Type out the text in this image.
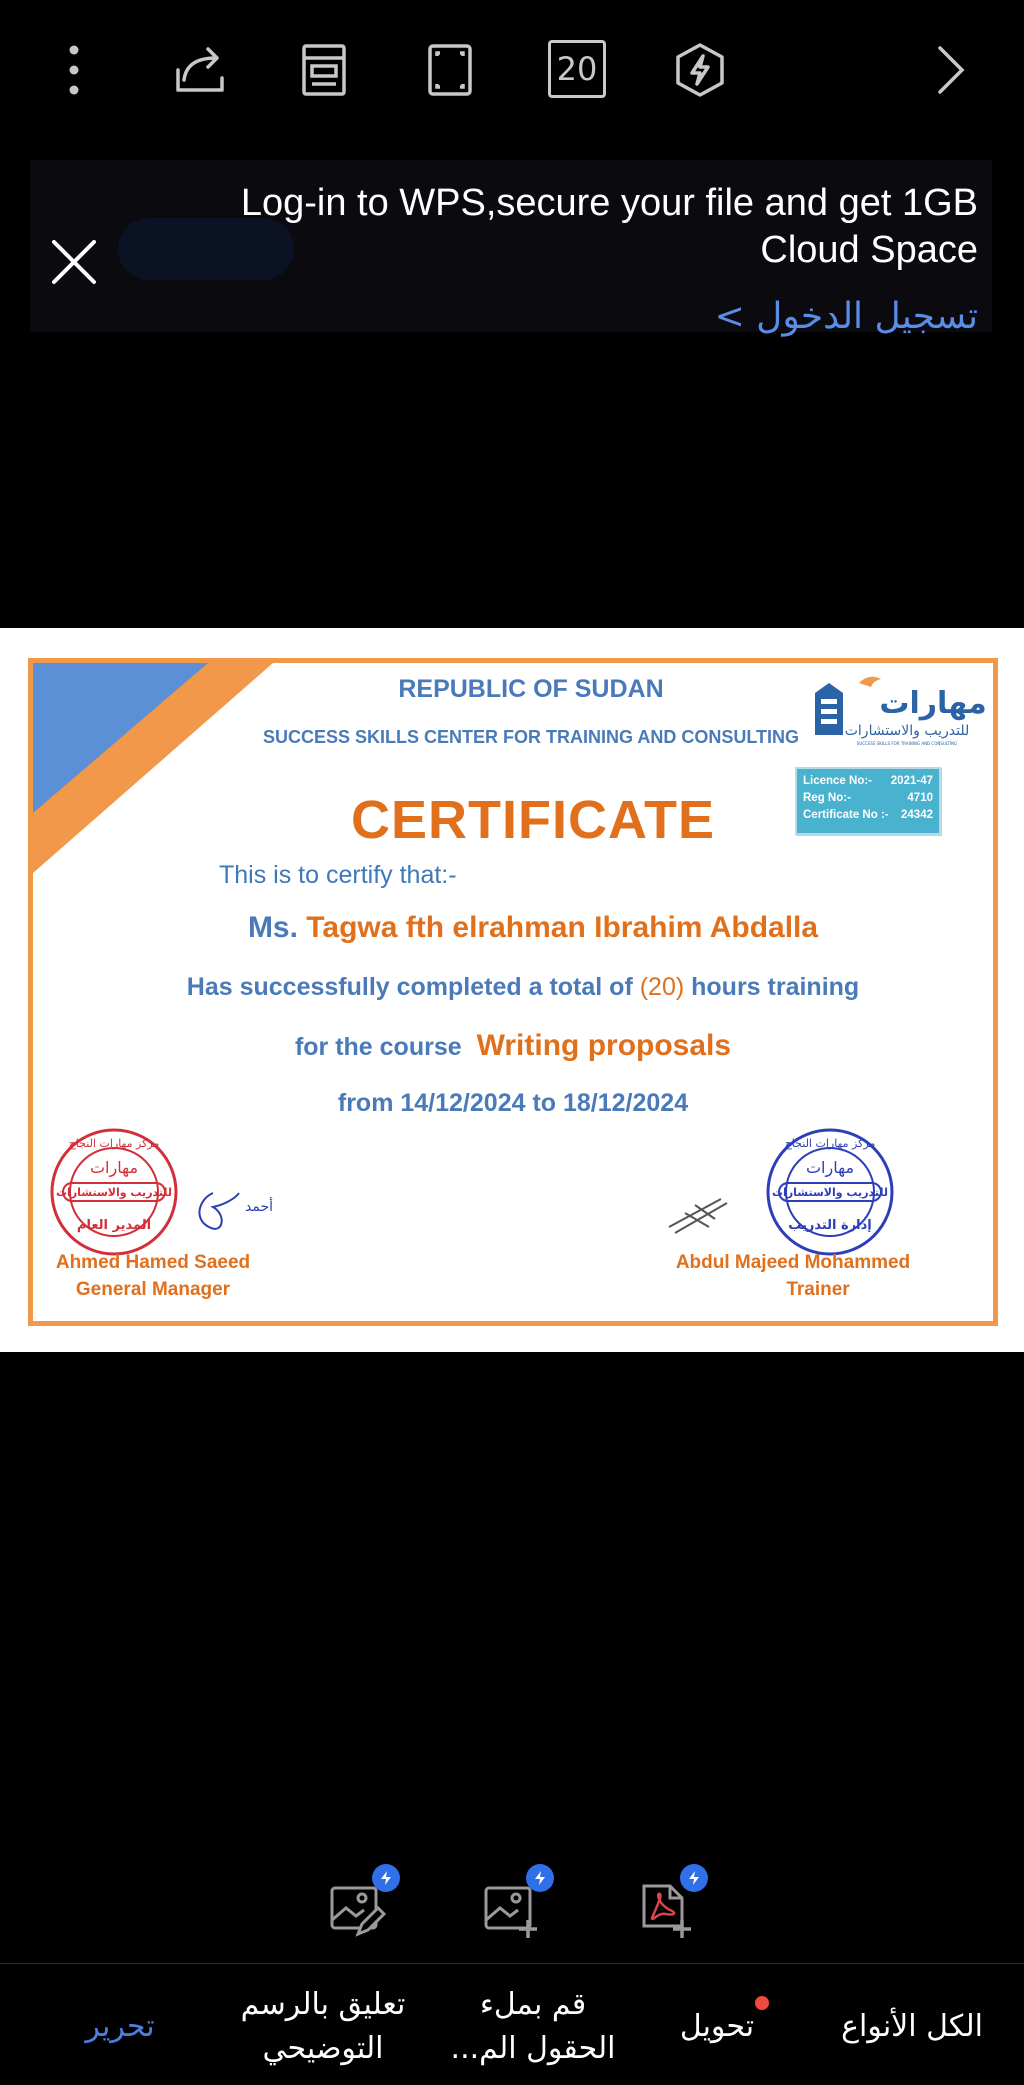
20
Log-in to WPS,secure your file and get 1GB Cloud Space
تسجيل الدخول >
REPUBLIC OF SUDAN
SUCCESS SKILLS CENTER FOR TRAINING AND CONSULTING
مهارات
للتدريب والاستشارات
SUCCESS SKILLS FOR TRAINING AND CONSULTING
Licence No:- 2021-47
Reg No:-	4710
Certificate No :- 24342
CERTIFICATE
This is to certify that:-
Ms. Tagwa fth elrahman Ibrahim Abdalla
Has successfully completed a total of (20) hours training
for the course Writing proposals
from 14/12/2024 to 18/12/2024
للتدريب والاستشارات
مهارات
المدير العام
مركز مهارات النجاح
أحمد
للتدريب والاستشارات
مهارات
إدارة التدريب
مركز مهارات النجاح
Ahmed Hamed Saeed
General Manager
Abdul Majeed Mohammed
Trainer
تحرير
تعليق بالرسم التوضيحي
قم بملء الحقول الم...
تحويل	الكل الأنواع
